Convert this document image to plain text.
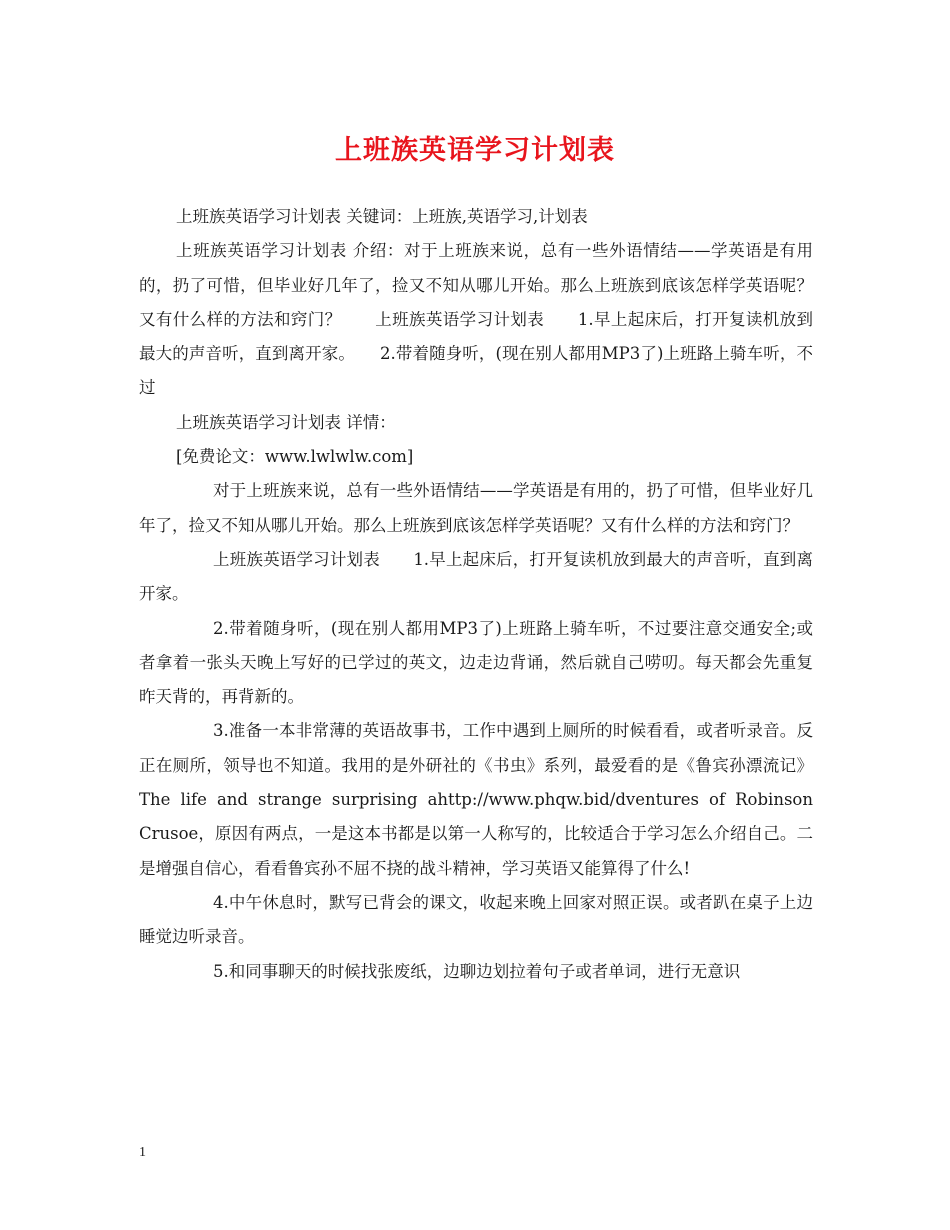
上班族英语学习计划表

上班族英语学习计划表 关键词：上班族,英语学习,计划表

上班族英语学习计划表 介绍：对于上班族来说，总有一些外语情结——学英语是有用的，扔了可惜，但毕业好几年了，捡又不知从哪儿开始。那么上班族到底该怎样学英语呢？又有什么样的方法和窍门？　　上班族英语学习计划表　　1.早上起床后，打开复读机放到最大的声音听，直到离开家。　　2.带着随身听，(现在别人都用MP3了)上班路上骑车听，不过

上班族英语学习计划表 详情：

[免费论文：www.lwlwlw.com]

对于上班族来说，总有一些外语情结——学英语是有用的，扔了可惜，但毕业好几年了，捡又不知从哪儿开始。那么上班族到底该怎样学英语呢？又有什么样的方法和窍门？

上班族英语学习计划表　　1.早上起床后，打开复读机放到最大的声音听，直到离开家。

2.带着随身听，(现在别人都用MP3了)上班路上骑车听，不过要注意交通安全;或者拿着一张头天晚上写好的已学过的英文，边走边背诵，然后就自己唠叨。每天都会先重复昨天背的，再背新的。

3.准备一本非常薄的英语故事书，工作中遇到上厕所的时候看看，或者听录音。反正在厕所，领导也不知道。我用的是外研社的《书虫》系列，最爱看的是《鲁宾孙漂流记》The life and strange surprising ahttp://www.phqw.bid/dventures of Robinson Crusoe，原因有两点，一是这本书都是以第一人称写的，比较适合于学习怎么介绍自己。二是增强自信心，看看鲁宾孙不屈不挠的战斗精神，学习英语又能算得了什么!

4.中午休息时，默写已背会的课文，收起来晚上回家对照正误。或者趴在桌子上边睡觉边听录音。

5.和同事聊天的时候找张废纸，边聊边划拉着句子或者单词，进行无意识

1
